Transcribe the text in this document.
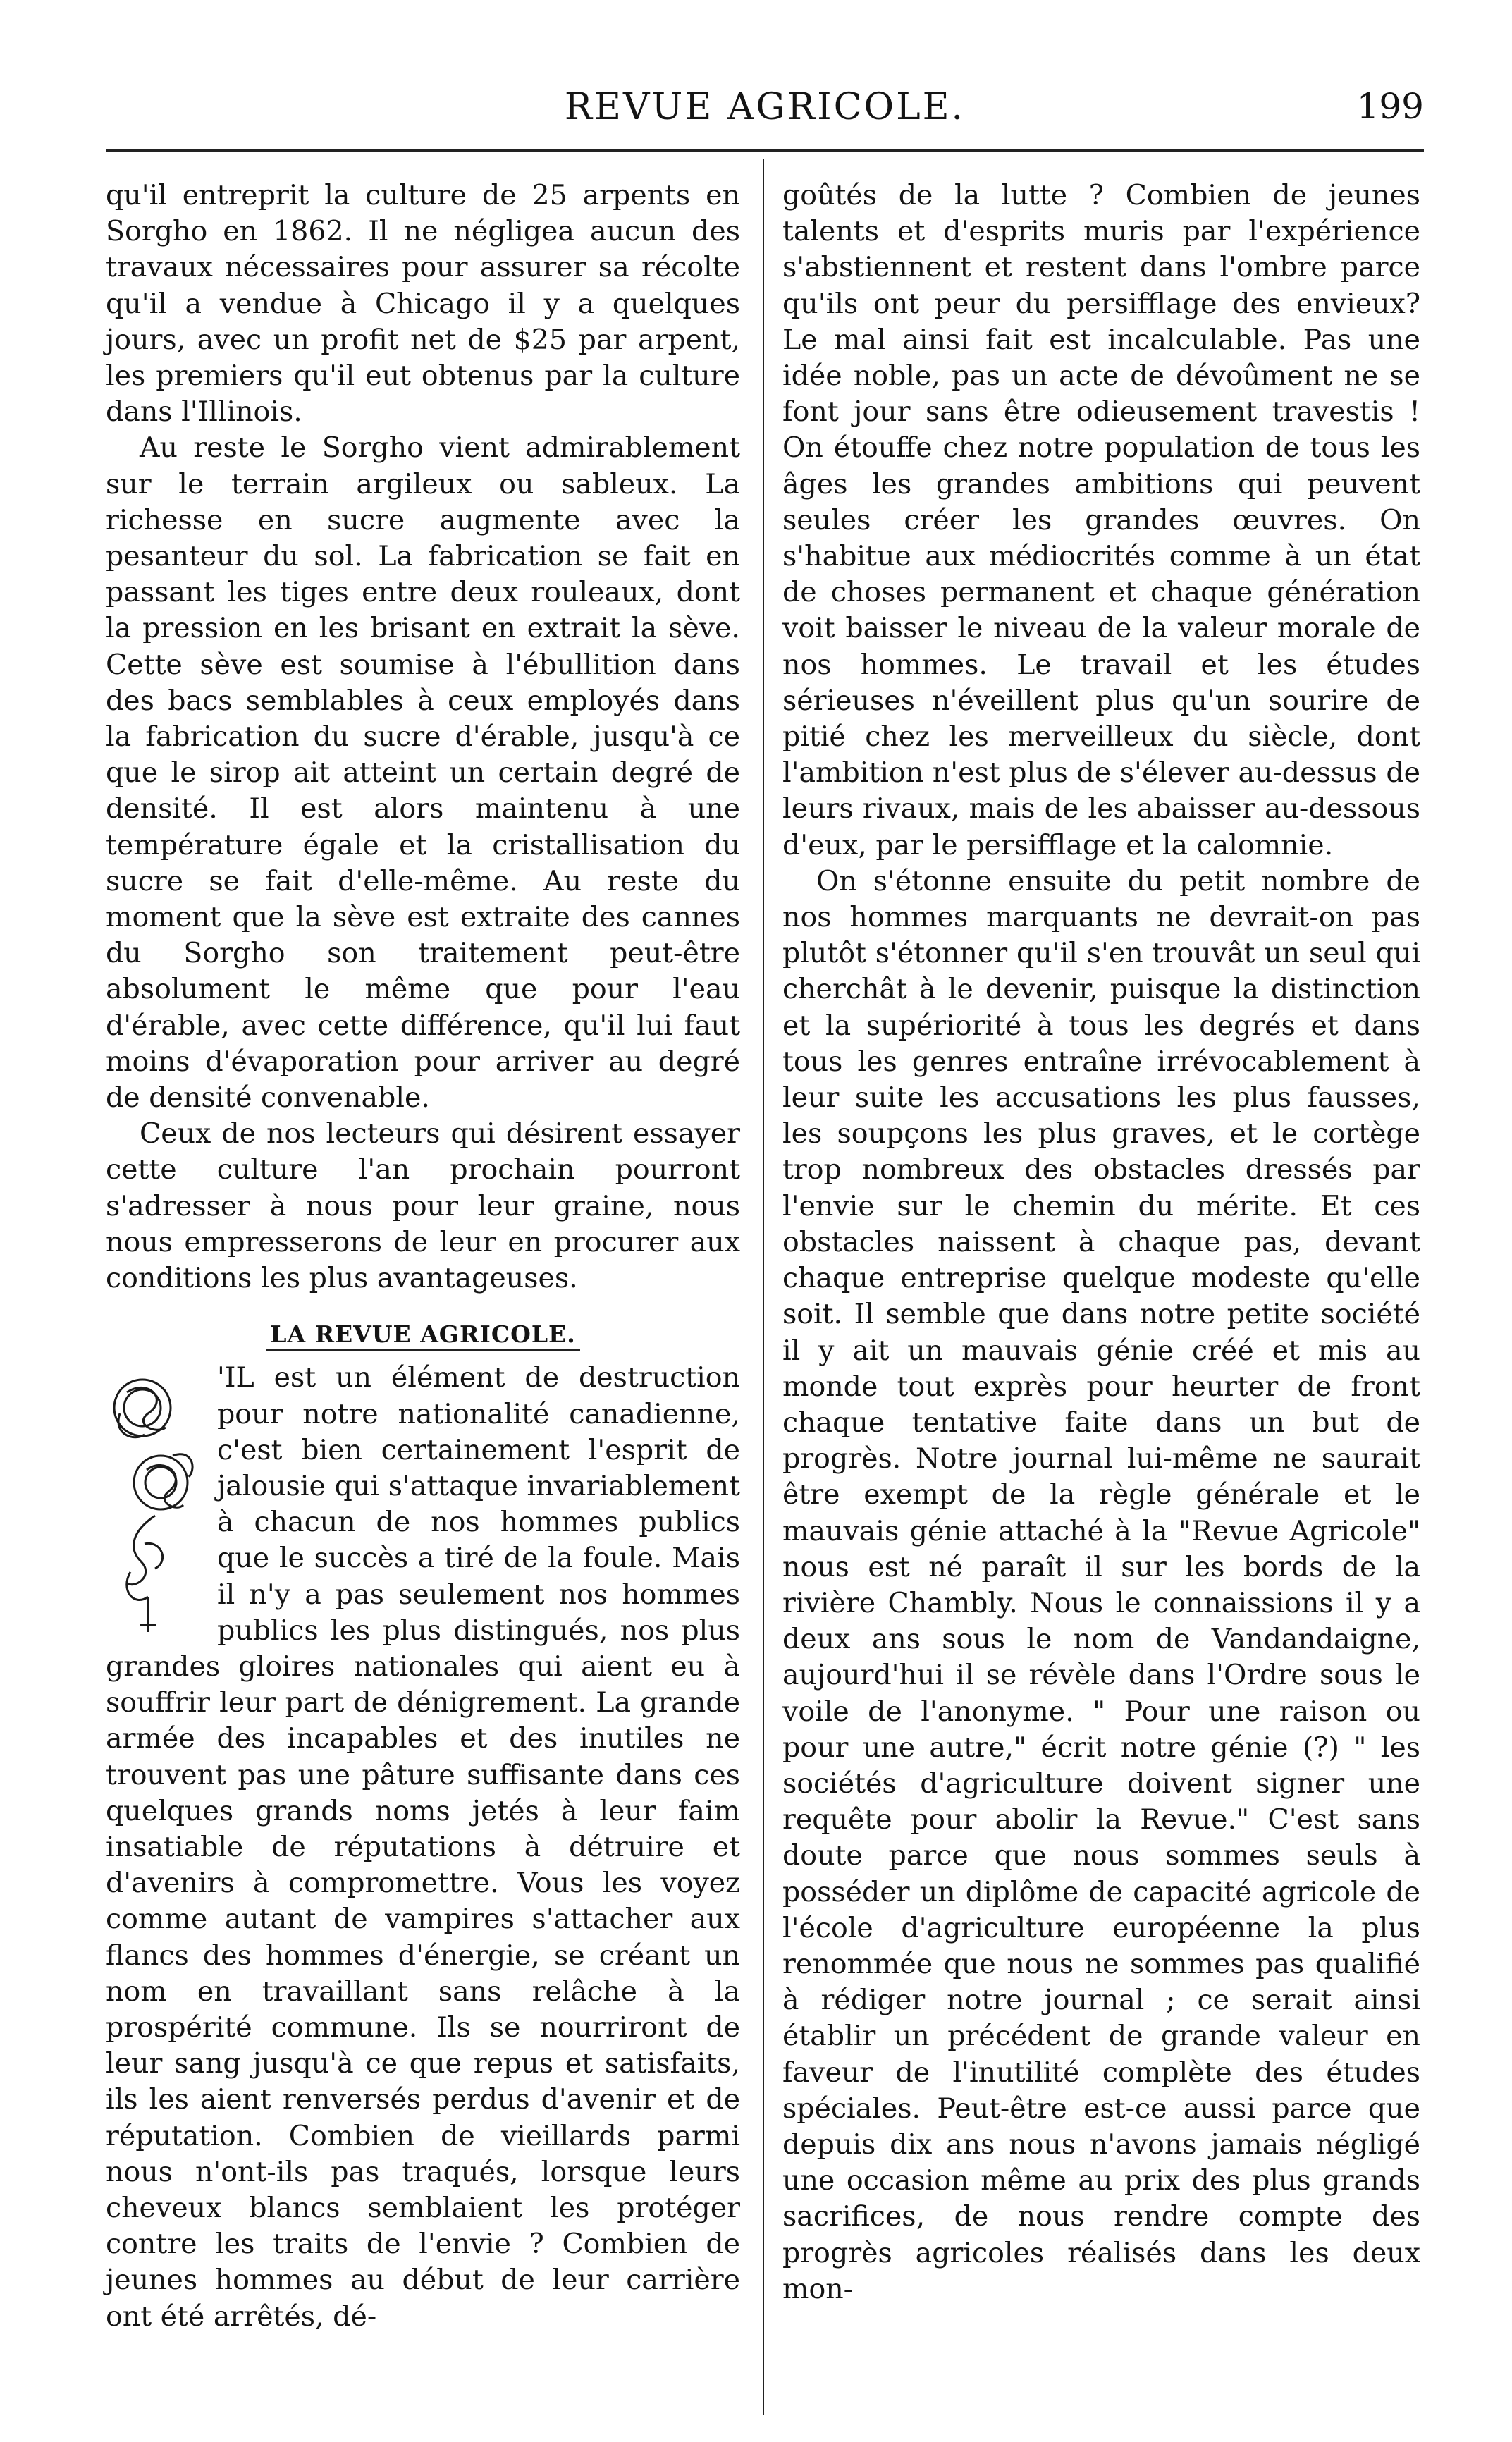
REVUE AGRICOLE.	199

qu'il entreprit la culture de 25 arpents en Sorgho en 1862. Il ne négligea aucun des travaux nécessaires pour assurer sa récolte qu'il a vendue à Chicago il y a quelques jours, avec un profit net de $25 par arpent, les premiers qu'il eut obtenus par la culture dans l'Illinois.

Au reste le Sorgho vient admirablement sur le terrain argileux ou sableux. La richesse en sucre augmente avec la pesanteur du sol. La fabrication se fait en passant les tiges entre deux rouleaux, dont la pression en les brisant en extrait la sève. Cette sève est soumise à l'ébullition dans des bacs semblables à ceux employés dans la fabrication du sucre d'érable, jusqu'à ce que le sirop ait atteint un certain degré de densité. Il est alors maintenu à une température égale et la cristallisation du sucre se fait d'elle-même. Au reste du moment que la sève est extraite des cannes du Sorgho son traitement peut-être absolument le même que pour l'eau d'érable, avec cette différence, qu'il lui faut moins d'évaporation pour arriver au degré de densité convenable.

Ceux de nos lecteurs qui désirent essayer cette culture l'an prochain pourront s'adresser à nous pour leur graine, nous nous empresserons de leur en procurer aux conditions les plus avantageuses.

LA REVUE AGRICOLE.
S

'IL est un élément de destruction pour notre nationalité canadienne, c'est bien certainement l'esprit de jalousie qui s'attaque invariablement à chacun de nos hommes publics que le succès a tiré de la foule. Mais il n'y a pas seulement nos hommes publics les plus distingués, nos plus grandes gloires nationales qui aient eu à souffrir leur part de dénigrement. La grande armée des incapables et des inutiles ne trouvent pas une pâture suffisante dans ces quelques grands noms jetés à leur faim insatiable de réputations à détruire et d'avenirs à compromettre. Vous les voyez comme autant de vampires s'attacher aux flancs des hommes d'énergie, se créant un nom en travaillant sans relâche à la prospérité commune. Ils se nourriront de leur sang jusqu'à ce que repus et satisfaits, ils les aient renversés perdus d'avenir et de réputation. Combien de vieillards parmi nous n'ont-ils pas traqués, lorsque leurs cheveux blancs semblaient les protéger contre les traits de l'envie ? Combien de jeunes hommes au début de leur carrière ont été arrêtés, dé-

goûtés de la lutte ? Combien de jeunes talents et d'esprits muris par l'expérience s'abstiennent et restent dans l'ombre parce qu'ils ont peur du persifflage des envieux? Le mal ainsi fait est incalculable. Pas une idée noble, pas un acte de dévoûment ne se font jour sans être odieusement travestis ! On étouffe chez notre population de tous les âges les grandes ambitions qui peuvent seules créer les grandes œuvres. On s'habitue aux médiocrités comme à un état de choses permanent et chaque génération voit baisser le niveau de la valeur morale de nos hommes. Le travail et les études sérieuses n'éveillent plus qu'un sourire de pitié chez les merveilleux du siècle, dont l'ambition n'est plus de s'élever au-dessus de leurs rivaux, mais de les abaisser au-dessous d'eux, par le persifflage et la calomnie.

On s'étonne ensuite du petit nombre de nos hommes marquants ne devrait-on pas plutôt s'étonner qu'il s'en trouvât un seul qui cherchât à le devenir, puisque la distinction et la supériorité à tous les degrés et dans tous les genres entraîne irrévocablement à leur suite les accusations les plus fausses, les soupçons les plus graves, et le cortège trop nombreux des obstacles dressés par l'envie sur le chemin du mérite. Et ces obstacles naissent à chaque pas, devant chaque entreprise quelque modeste qu'elle soit. Il semble que dans notre petite société il y ait un mauvais génie créé et mis au monde tout exprès pour heurter de front chaque tentative faite dans un but de progrès. Notre journal lui-même ne saurait être exempt de la règle générale et le mauvais génie attaché à la "Revue Agricole" nous est né paraît il sur les bords de la rivière Chambly. Nous le connaissions il y a deux ans sous le nom de Vandandaigne, aujourd'hui il se révèle dans l'Ordre sous le voile de l'anonyme. " Pour une raison ou pour une autre," écrit notre génie (?) " les sociétés d'agriculture doivent signer une requête pour abolir la Revue." C'est sans doute parce que nous sommes seuls à posséder un diplôme de capacité agricole de l'école d'agriculture européenne la plus renommée que nous ne sommes pas qualifié à rédiger notre journal ; ce serait ainsi établir un précédent de grande valeur en faveur de l'inutilité complète des études spéciales. Peut-être est-ce aussi parce que depuis dix ans nous n'avons jamais négligé une occasion même au prix des plus grands sacrifices, de nous rendre compte des progrès agricoles réalisés dans les deux mon-
